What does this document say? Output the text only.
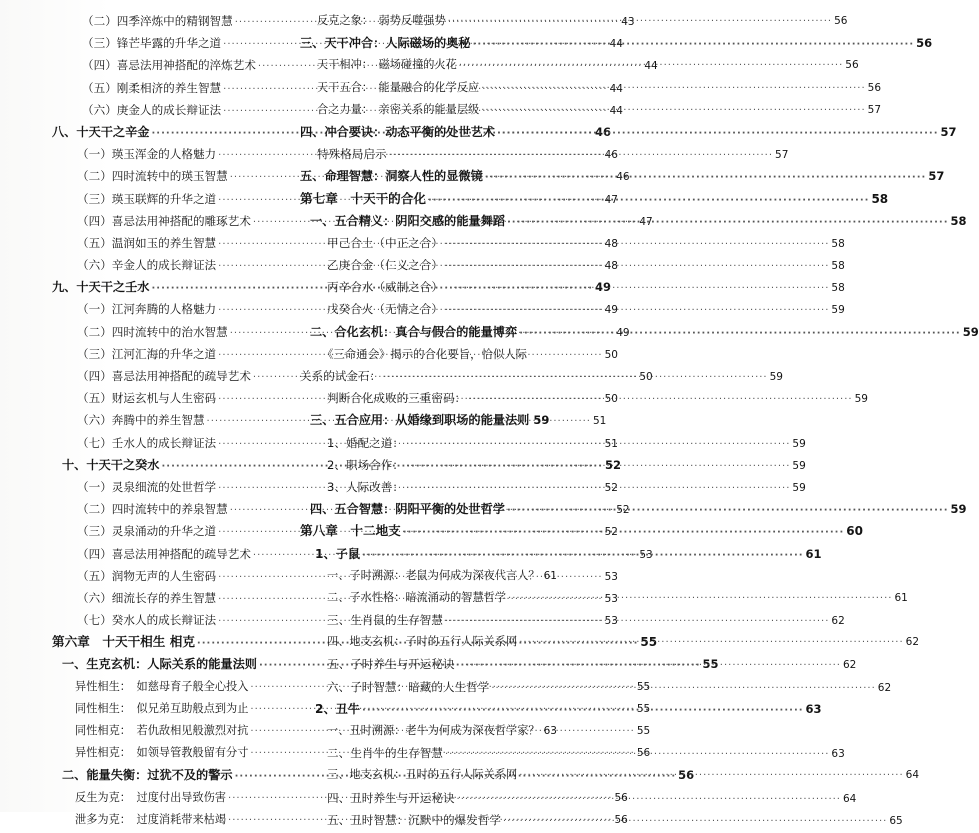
（二）四季淬炼中的精钢智慧 ·····	43
（三）锋芒毕露的升华之道 ·····	44
（四）喜忌法用神搭配的淬炼艺术 ·····	44
（五）刚柔相济的养生智慧 ·····	44
（六）庚金人的成长辩证法 ·····	44
八、十天干之辛金 ·····	46
（一）瑛玉浑金的人格魅力 ·····	46
（二）四时流转中的瑛玉智慧 ·····	46
（三）瑛玉联辉的升华之道 ·····	47
（四）喜忌法用神搭配的雕琢艺术 ·····	47
（五）温润如玉的养生智慧 ·····	48
（六）辛金人的成长辩证法 ·····	48
九、十天干之壬水 ·····	49
（一）江河奔腾的人格魅力 ·····	49
（二）四时流转中的治水智慧 ·····	49
（三）江河汇海的升华之道 ·····	50
（四）喜忌法用神搭配的疏导艺术 ·····	50
（五）财运玄机与人生密码 ·····	50
（六）奔腾中的养生智慧 ·····	51
（七）壬水人的成长辩证法 ·····	51
十、十天干之癸水 ·····	52
（一）灵泉细流的处世哲学 ·····	52
（二）四时流转中的养泉智慧 ·····	52
（三）灵泉涌动的升华之道 ·····	52
（四）喜忌法用神搭配的疏导艺术 ·····	53
（五）润物无声的人生密码 ·····	53
（六）细流长存的养生智慧 ·····	53
（七）癸水人的成长辩证法 ·····	53
第六章　十天干相生 相克 ·····	55
一、生克玄机：人际关系的能量法则 ·····	55
异性相生：　如慈母育子般全心投入 ·····	55
同性相生：　似兄弟互助般点到为止 ·····	55
同性相克：　若仇敌相见般激烈对抗 ·····	55
异性相克：　如领导管教般留有分寸 ·····	56
二、能量失衡：过犹不及的警示 ·····	56
反生为克：　过度付出导致伤害 ·····	56
泄多为克：　过度消耗带来枯竭 ·····	56
反克之象：　弱势反噬强势 ·····	56
三、天干冲合：人际磁场的奥秘 ·····	56
天干相冲：　磁场碰撞的火花 ·····	56
天干五合：　能量融合的化学反应 ·····	56
合之力量：　亲密关系的能量层级 ·····	57
四、冲合要诀：动态平衡的处世艺术 ·····	57
特殊格局启示 ·····	57
五、命理智慧：洞察人性的显微镜 ·····	57
第七章　十天干的合化 ·····	58
一、五合精义：阴阳交感的能量舞蹈 ·····	58
甲己合土（中正之合） ·····	58
乙庚合金（仁义之合） ·····	58
丙辛合水（威制之合） ·····	58
戊癸合火（无情之合） ·····	59
二、合化玄机：真合与假合的能量博弈 ·····	59
《三命通会》揭示的合化要旨，恰似人际
关系的试金石： ·····	59
判断合化成败的三重密码： ·····	59
三、五合应用：从婚缘到职场的能量法则 59
1、婚配之道： ·····	59
2、职场合作： ·····	59
3、人际改善： ·····	59
四、五合智慧：阴阳平衡的处世哲学 ·····	59
第八章　十二地支 ·····	60
1、子鼠 ·····	61
一、子时溯源：老鼠为何成为深夜代言人？ 61
二、子水性格：暗流涌动的智慧哲学 ·····	61
三、生肖鼠的生存智慧 ·····	62
四、地支玄机：子时的五行人际关系网 ·····	62
五、子时养生与开运秘诀 ·····	62
六、子时智慧：暗藏的人生哲学 ·····	62
2、丑牛 ·····	63
一、丑时溯源：老牛为何成为深夜哲学家？ 63
二、生肖牛的生存智慧 ·····	63
三、地支玄机：丑时的五行人际关系网 ·····	64
四、丑时养生与开运秘诀 ·····	64
五、丑时智慧：沉默中的爆发哲学 ·····	65
